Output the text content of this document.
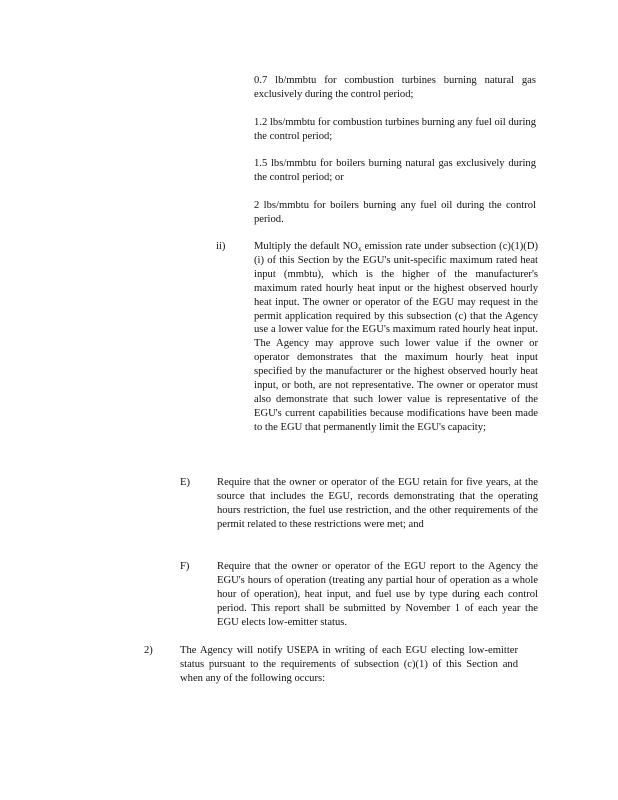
0.7 lb/mmbtu for combustion turbines burning natural gas exclusively during the control period;

1.2 lbs/mmbtu for combustion turbines burning any fuel oil during the control period;

1.5 lbs/mmbtu for boilers burning natural gas exclusively during the control period; or

2 lbs/mmbtu for boilers burning any fuel oil during the control period.

ii)	Multiply the default $NO_x$ emission rate under subsection (c)(1)(D)(i) of this Section by the EGU's unit-specific maximum rated heat input (mmbtu), which is the higher of the manufacturer's maximum rated hourly heat input or the highest observed hourly heat input. The owner or operator of the EGU may request in the permit application required by this subsection (c) that the Agency use a lower value for the EGU's maximum rated hourly heat input. The Agency may approve such lower value if the owner or operator demonstrates that the maximum hourly heat input specified by the manufacturer or the highest observed hourly heat input, or both, are not representative. The owner or operator must also demonstrate that such lower value is representative of the EGU's current capabilities because modifications have been made to the EGU that permanently limit the EGU's capacity;

E)	Require that the owner or operator of the EGU retain for five years, at the source that includes the EGU, records demonstrating that the operating hours restriction, the fuel use restriction, and the other requirements of the permit related to these restrictions were met; and

F)	Require that the owner or operator of the EGU report to the Agency the EGU's hours of operation (treating any partial hour of operation as a whole hour of operation), heat input, and fuel use by type during each control period. This report shall be submitted by November 1 of each year the EGU elects low-emitter status.

2)	The Agency will notify USEPA in writing of each EGU electing low-emitter status pursuant to the requirements of subsection (c)(1) of this Section and when any of the following occurs:
